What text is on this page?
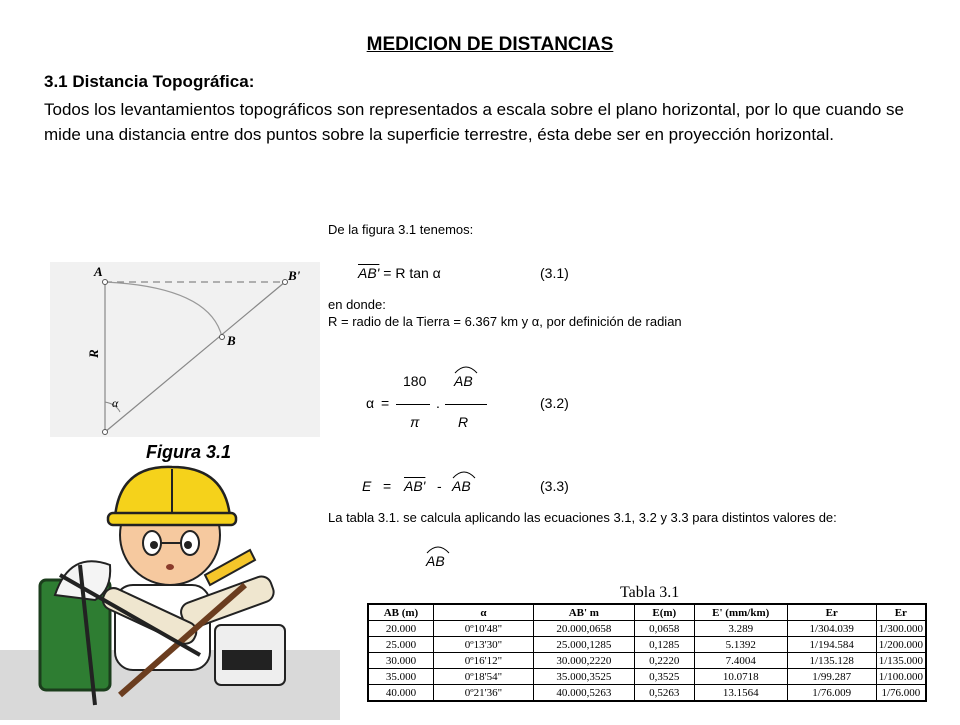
MEDICION DE DISTANCIAS
3.1 Distancia Topográfica:
Todos los levantamientos topográficos son representados a escala sobre el plano horizontal, por lo que cuando se mide una distancia entre dos puntos sobre la superficie terrestre, ésta debe ser en proyección horizontal.
A	B'
B
R
α
Figura 3.1
De la figura 3.1 tenemos:
AB' = R tan α	(3.1)
en donde:
R = radio de la Tierra = 6.367 km y α, por definición de radian
α =
180
π
.
AB
R
(3.2)
E = AB' - AB	(3.3)
La tabla 3.1. se calcula aplicando las ecuaciones 3.1, 3.2 y 3.3 para distintos valores de:
AB
Tabla 3.1
AB (m)	α	AB' m	E(m)	E' (mm/km)	Er	Er
20.000	0º10'48"	20.000,0658	0,0658	3.289	1/304.039	1/300.000
25.000	0º13'30"	25.000,1285	0,1285	5.1392	1/194.584	1/200.000
30.000	0º16'12"	30.000,2220	0,2220	7.4004	1/135.128	1/135.000
35.000	0º18'54"	35.000,3525	0,3525	10.0718	1/99.287	1/100.000
40.000	0º21'36"	40.000,5263	0,5263	13.1564	1/76.009	1/76.000
